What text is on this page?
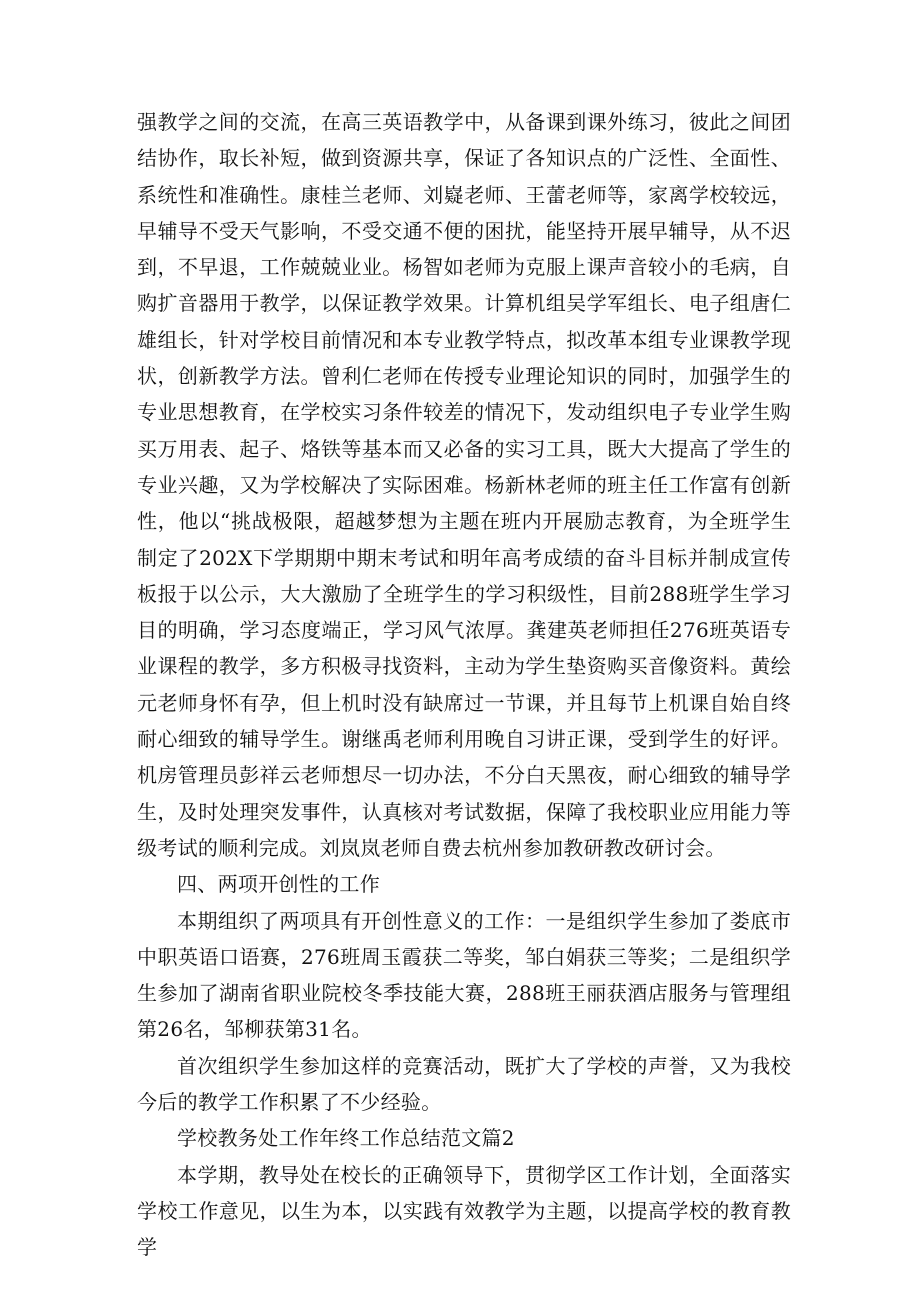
强教学之间的交流，在高三英语教学中，从备课到课外练习，彼此之间团结协作，取长补短，做到资源共享，保证了各知识点的广泛性、全面性、系统性和准确性。康桂兰老师、刘嶷老师、王蕾老师等，家离学校较远，早辅导不受天气影响，不受交通不便的困扰，能坚持开展早辅导，从不迟到，不早退，工作兢兢业业。杨智如老师为克服上课声音较小的毛病，自购扩音器用于教学，以保证教学效果。计算机组吴学军组长、电子组唐仁雄组长，针对学校目前情况和本专业教学特点，拟改革本组专业课教学现状，创新教学方法。曾利仁老师在传授专业理论知识的同时，加强学生的专业思想教育，在学校实习条件较差的情况下，发动组织电子专业学生购买万用表、起子、烙铁等基本而又必备的实习工具，既大大提高了学生的专业兴趣，又为学校解决了实际困难。杨新林老师的班主任工作富有创新性，他以“挑战极限，超越梦想为主题在班内开展励志教育，为全班学生制定了202X下学期期中期末考试和明年高考成绩的奋斗目标并制成宣传板报于以公示，大大激励了全班学生的学习积级性，目前288班学生学习目的明确，学习态度端正，学习风气浓厚。龚建英老师担任276班英语专业课程的教学，多方积极寻找资料，主动为学生垫资购买音像资料。黄绘元老师身怀有孕，但上机时没有缺席过一节课，并且每节上机课自始自终耐心细致的辅导学生。谢继禹老师利用晚自习讲正课，受到学生的好评。机房管理员彭祥云老师想尽一切办法，不分白天黑夜，耐心细致的辅导学生，及时处理突发事件，认真核对考试数据，保障了我校职业应用能力等级考试的顺利完成。刘岚岚老师自费去杭州参加教研教改研讨会。

四、两项开创性的工作

本期组织了两项具有开创性意义的工作：一是组织学生参加了娄底市中职英语口语赛，276班周玉霞获二等奖，邹白娟获三等奖；二是组织学生参加了湖南省职业院校冬季技能大赛，288班王丽获酒店服务与管理组第26名，邹柳获第31名。

首次组织学生参加这样的竞赛活动，既扩大了学校的声誉，又为我校今后的教学工作积累了不少经验。

学校教务处工作年终工作总结范文篇2

本学期，教导处在校长的正确领导下，贯彻学区工作计划，全面落实学校工作意见，以生为本，以实践有效教学为主题，以提高学校的教育教学
